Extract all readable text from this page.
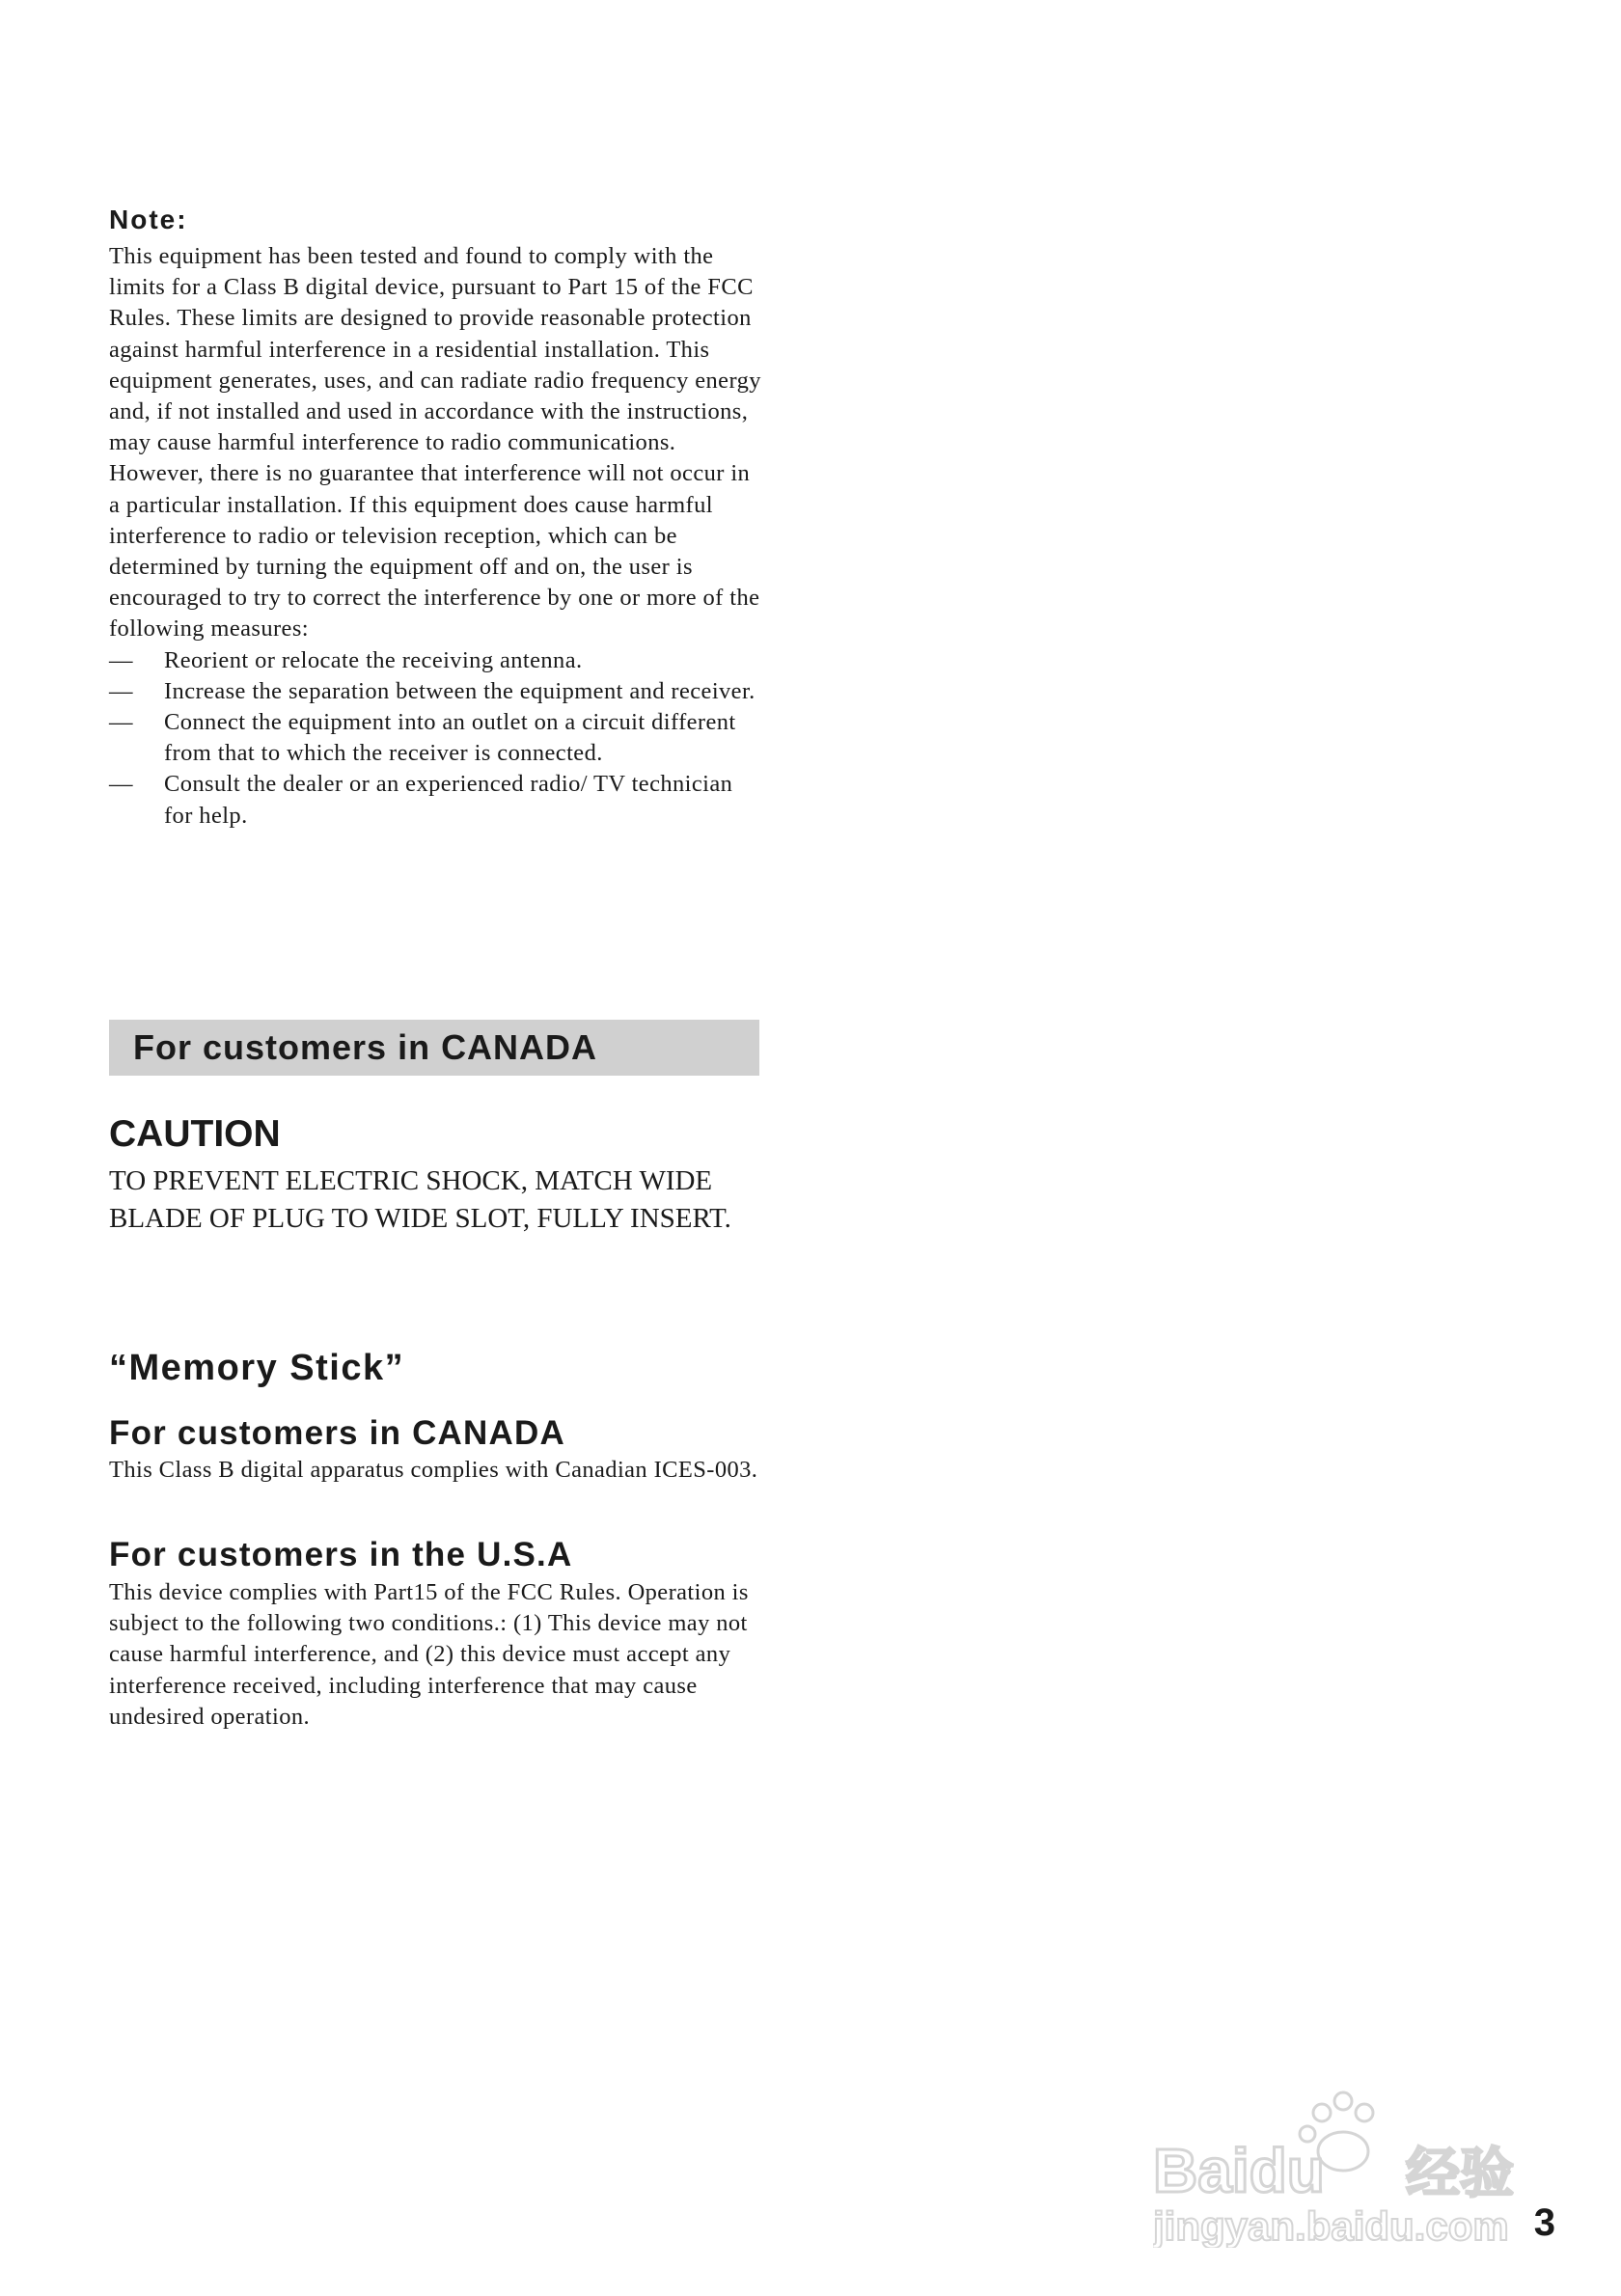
Note:

This equipment has been tested and found to comply with the limits for a Class B digital device, pursuant to Part 15 of the FCC Rules. These limits are designed to provide reasonable protection against harmful interference in a residential installation. This equipment generates, uses, and can radiate radio frequency energy and, if not installed and used in accordance with the instructions, may cause harmful interference to radio communications. However, there is no guarantee that interference will not occur in a particular installation. If this equipment does cause harmful interference to radio or television reception, which can be determined by turning the equipment off and on, the user is encouraged to try to correct the interference by one or more of the following measures:

— Reorient or relocate the receiving antenna.
— Increase the separation between the equipment and receiver.
— Connect the equipment into an outlet on a circuit different from that to which the receiver is connected.
— Consult the dealer or an experienced radio/ TV technician for help.
For customers in CANADA
CAUTION

TO PREVENT ELECTRIC SHOCK, MATCH WIDE BLADE OF PLUG TO WIDE SLOT, FULLY INSERT.

“Memory Stick”
For customers in CANADA

This Class B digital apparatus complies with Canadian ICES-003.

For customers in the U.S.A

This device complies with Part15 of the FCC Rules. Operation is subject to the following two conditions.: (1) This device may not cause harmful interference, and (2) this device must accept any interference received, including interference that may cause undesired operation.

Baidu 经验
jingyan.baidu.com 3
